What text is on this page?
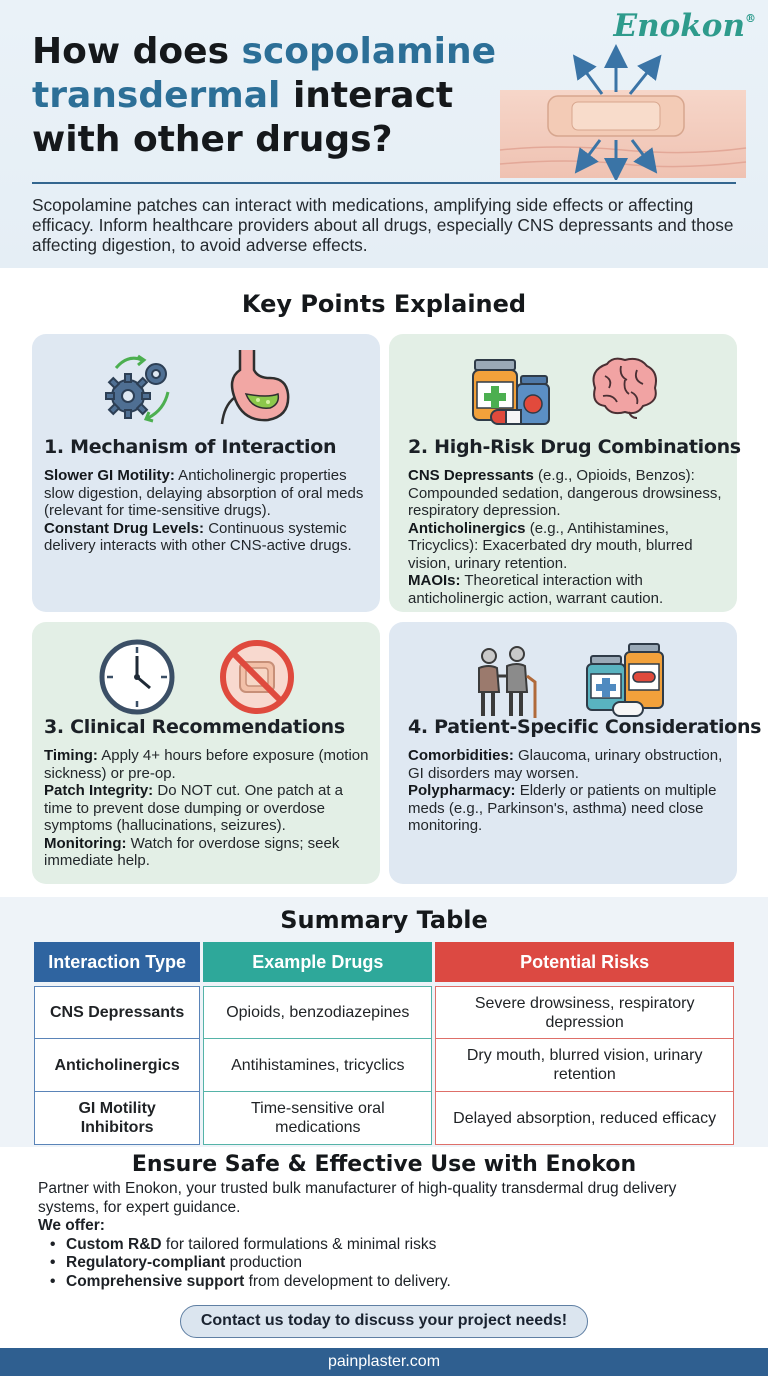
Enokon®
How does scopolamine
transdermal interact
with other drugs?

Scopolamine patches can interact with medications, amplifying side effects or affecting efficacy. Inform healthcare providers about all drugs, especially CNS depressants and those affecting digestion, to avoid adverse effects.

Key Points Explained
1. Mechanism of Interaction

Slower GI Motility: Anticholinergic properties slow digestion, delaying absorption of oral meds (relevant for time-sensitive drugs).

Constant Drug Levels: Continuous systemic delivery interacts with other CNS-active drugs.

2. High-Risk Drug Combinations

CNS Depressants (e.g., Opioids, Benzos): Compounded sedation, dangerous drowsiness, respiratory depression.

Anticholinergics (e.g., Antihistamines, Tricyclics): Exacerbated dry mouth, blurred vision, urinary retention.

MAOIs: Theoretical interaction with anticholinergic action, warrant caution.

3. Clinical Recommendations

Timing: Apply 4+ hours before exposure (motion sickness) or pre-op.

Patch Integrity: Do NOT cut. One patch at a time to prevent dose dumping or overdose symptoms (hallucinations, seizures).

Monitoring: Watch for overdose signs; seek immediate help.

4. Patient-Specific Considerations

Comorbidities: Glaucoma, urinary obstruction, GI disorders may worsen.

Polypharmacy: Elderly or patients on multiple meds (e.g., Parkinson's, asthma) need close monitoring.

Summary Table
Interaction Type	Example Drugs	Potential Risks

CNS Depressants	Opioids, benzodiazepines	Severe drowsiness, respiratory depression
Anticholinergics	Antihistamines, tricyclics	Dry mouth, blurred vision, urinary retention
GI Motility Inhibitors	Time-sensitive oral medications	Delayed absorption, reduced efficacy
Ensure Safe & Effective Use with Enokon

Partner with Enokon, your trusted bulk manufacturer of high-quality transdermal drug delivery systems, for expert guidance.

We offer:

• Custom R&D for tailored formulations & minimal risks
• Regulatory-compliant production
• Comprehensive support from development to delivery.
Contact us today to discuss your project needs!
painplaster.com
